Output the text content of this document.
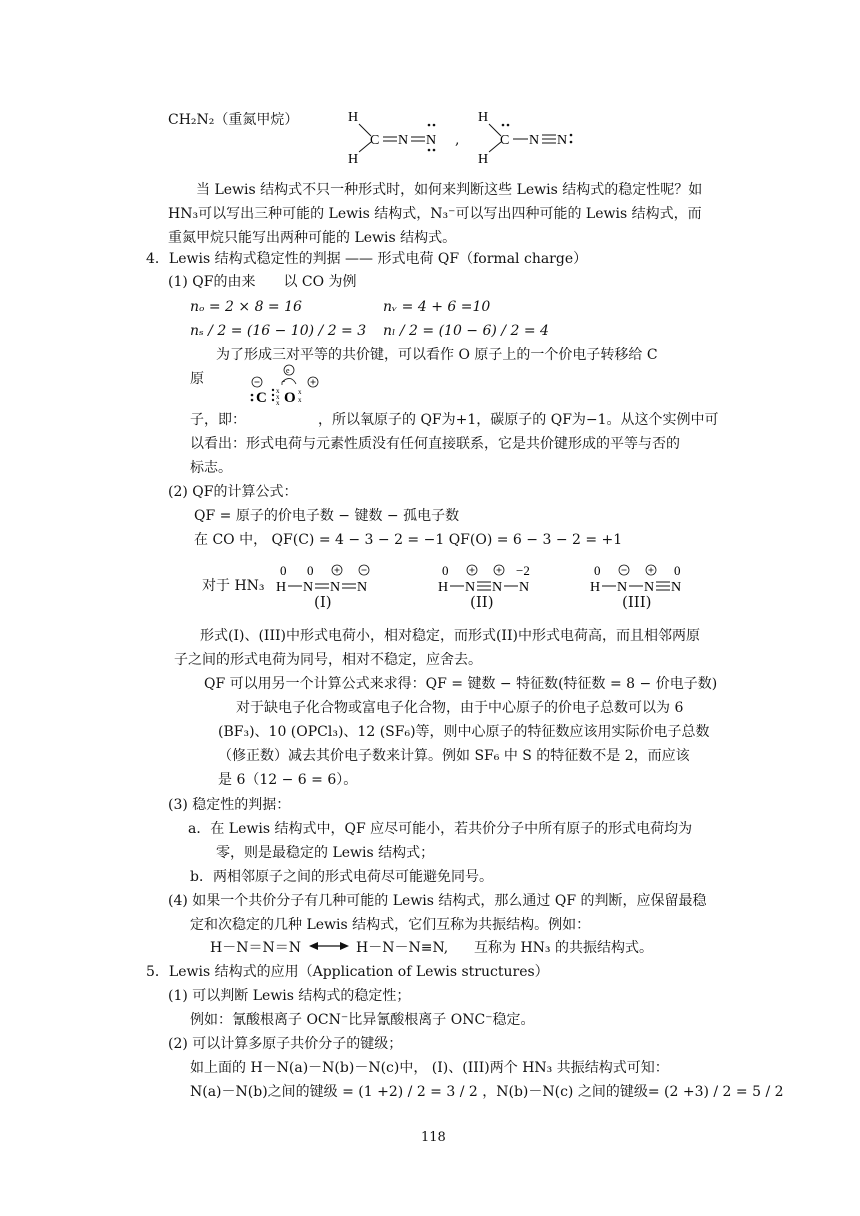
CH₂N₂（重氮甲烷）	H
H
C N N ,
H
H
C N N
当 Lewis 结构式不只一种形式时，如何来判断这些 Lewis 结构式的稳定性呢？如
HN₃可以写出三种可能的 Lewis 结构式，N₃⁻可以写出四种可能的 Lewis 结构式，而
重氮甲烷只能写出两种可能的 Lewis 结构式。
4．Lewis 结构式稳定性的判据 —— 形式电荷 QF（formal charge）
(1) QF的由来　　以 CO 为例
nₒ = 2 × 8 = 16	nᵥ = 4 + 6 =10
nₛ / 2 = (16 − 10) / 2 = 3 nₗ / 2 = (10 − 6) / 2 = 4
为了形成三对平等的共价键，可以看作 O 原子上的一个价电子转移给 C
原
e
C x
x
x O x
x
子，即：	，所以氧原子的 QF为+1，碳原子的 QF为−1。从这个实例中可
以看出：形式电荷与元素性质没有任何直接联系，它是共价键形成的平等与否的
标志。
(2) QF的计算公式：
QF = 原子的价电子数 − 键数 − 孤电子数
在 CO 中， QF(C) = 4 − 3 − 2 = −1 QF(O) = 6 − 3 − 2 = +1
对于 HN₃
0 0
H N N N
(I)
0	−2
H N N N
(II)
0	0
H N N N
(III)
形式(I)、(III)中形式电荷小，相对稳定，而形式(II)中形式电荷高，而且相邻两原
子之间的形式电荷为同号，相对不稳定，应舍去。
QF 可以用另一个计算公式来求得：QF = 键数 − 特征数(特征数 = 8 − 价电子数)
对于缺电子化合物或富电子化合物，由于中心原子的价电子总数可以为 6
(BF₃)、10 (OPCl₃)、12 (SF₆)等，则中心原子的特征数应该用实际价电子总数
（修正数）减去其价电子数来计算。例如 SF₆ 中 S 的特征数不是 2，而应该
是 6（12 − 6 = 6）。
(3) 稳定性的判据：
a．在 Lewis 结构式中，QF 应尽可能小，若共价分子中所有原子的形式电荷均为
零，则是最稳定的 Lewis 结构式；
b．两相邻原子之间的形式电荷尽可能避免同号。
(4) 如果一个共价分子有几种可能的 Lewis 结构式，那么通过 QF 的判断，应保留最稳
定和次稳定的几种 Lewis 结构式，它们互称为共振结构。例如：
H－N＝N＝N	H－N－N≡N, 互称为 HN₃ 的共振结构式。
5．Lewis 结构式的应用（Application of Lewis structures）
(1) 可以判断 Lewis 结构式的稳定性；
例如：氰酸根离子 OCN⁻比异氰酸根离子 ONC⁻稳定。
(2) 可以计算多原子共价分子的键级；
如上面的 H－N(a)－N(b)－N(c)中， (I)、(III)两个 HN₃ 共振结构式可知：
N(a)－N(b)之间的键级 = (1 +2) / 2 = 3 / 2 ，N(b)－N(c) 之间的键级= (2 +3) / 2 = 5 / 2
118
